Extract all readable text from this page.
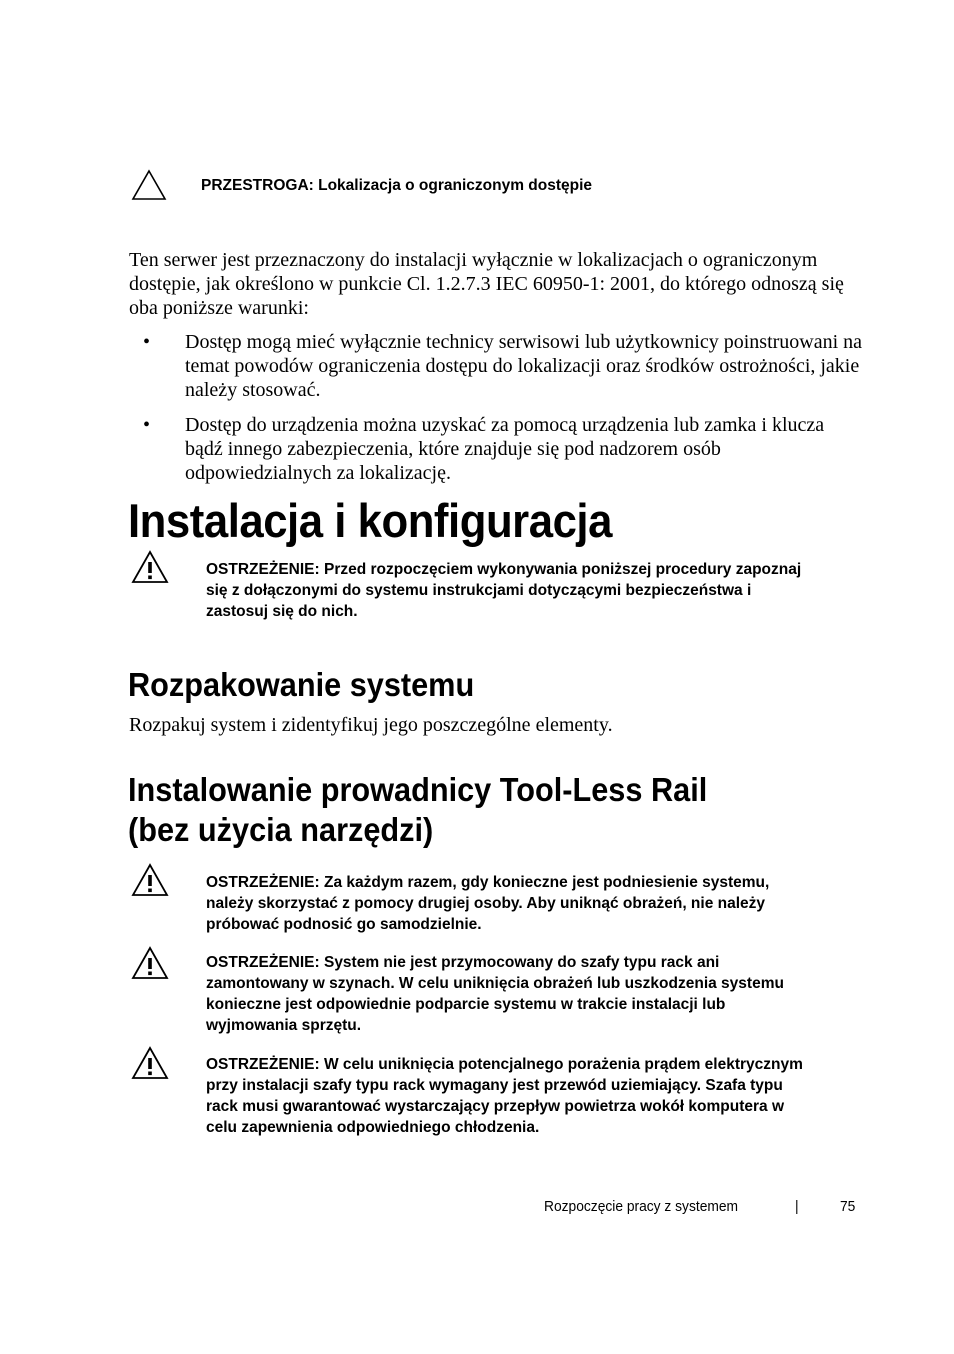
PRZESTROGA: Lokalizacja o ograniczonym dostępie

Ten serwer jest przeznaczony do instalacji wyłącznie w lokalizacjach o ograniczonym dostępie, jak określono w punkcie Cl. 1.2.7.3 IEC 60950-1: 2001, do którego odnoszą się oba poniższe warunki:

• Dostęp mogą mieć wyłącznie technicy serwisowi lub użytkownicy poinstruowani na temat powodów ograniczenia dostępu do lokalizacji oraz środków ostrożności, jakie należy stosować.
• Dostęp do urządzenia można uzyskać za pomocą urządzenia lub zamka i klucza bądź innego zabezpieczenia, które znajduje się pod nadzorem osób odpowiedzialnych za lokalizację.
Instalacja i konfiguracja
OSTRZEŻENIE: Przed rozpoczęciem wykonywania poniższej procedury zapoznaj się z dołączonymi do systemu instrukcjami dotyczącymi bezpieczeństwa i zastosuj się do nich.
Rozpakowanie systemu

Rozpakuj system i zidentyfikuj jego poszczególne elementy.

Instalowanie prowadnicy Tool-Less Rail
(bez użycia narzędzi)
OSTRZEŻENIE: Za każdym razem, gdy konieczne jest podniesienie systemu, należy skorzystać z pomocy drugiej osoby. Aby uniknąć obrażeń, nie należy próbować podnosić go samodzielnie.
OSTRZEŻENIE: System nie jest przymocowany do szafy typu rack ani zamontowany w szynach. W celu uniknięcia obrażeń lub uszkodzenia systemu konieczne jest odpowiednie podparcie systemu w trakcie instalacji lub wyjmowania sprzętu.
OSTRZEŻENIE: W celu uniknięcia potencjalnego porażenia prądem elektrycznym przy instalacji szafy typu rack wymagany jest przewód uziemiający. Szafa typu rack musi gwarantować wystarczający przepływ powietrza wokół komputera w celu zapewnienia odpowiedniego chłodzenia.
Rozpoczęcie pracy z systemem	|	75
